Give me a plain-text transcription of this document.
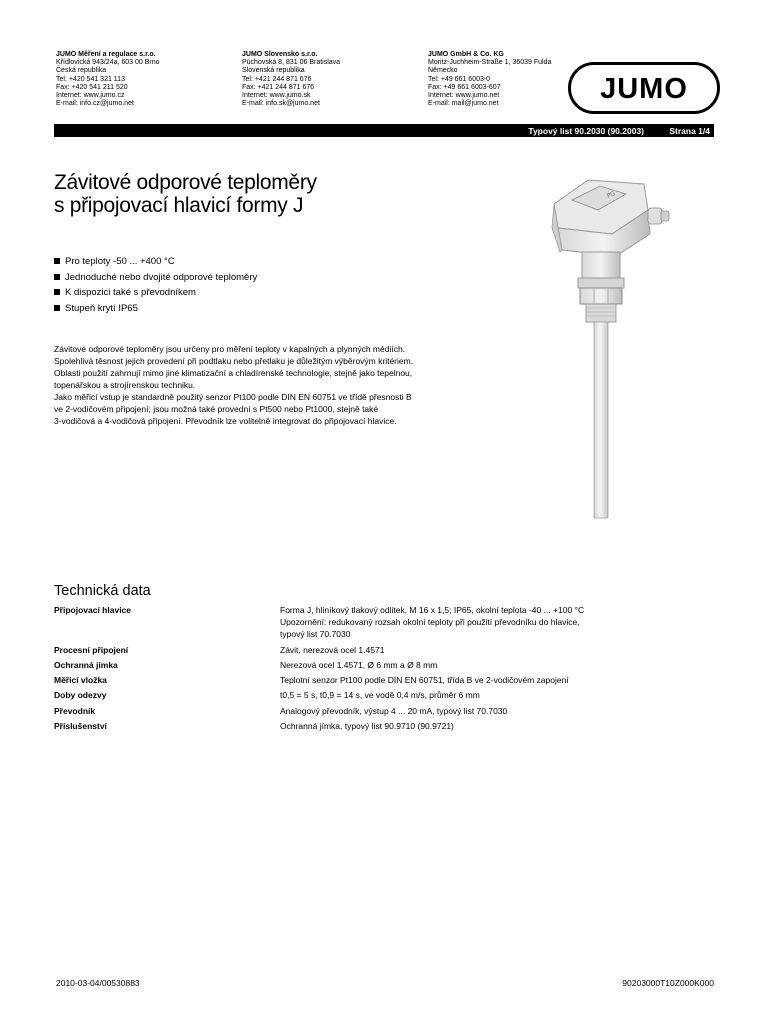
JUMO Měření a regulace s.r.o.
Křídlovická 943/24a, 603 00 Brno
Česká republika
Tel: +420 541 321 113
Fax: +420 541 211 520
Internet: www.jumo.cz
E-mail: info.cz@jumo.net
JUMO Slovensko s.r.o.
Púchovská 8, 831 06 Bratislava
Slovenská republika
Tel: +421 244 871 676
Fax: +421 244 871 676
Internet: www.jumo.sk
E-mail: info.sk@jumo.net
JUMO GmbH & Co. KG
Moritz-Juchheim-Straße 1, 36039 Fulda
Německo
Tel: +49 661 6003-0
Fax: +49 661 6003-607
Internet: www.jumo.net
E-mail: mail@jumo.net	JUMO
Typový list 90.2030 (90.2003)	Strana 1/4
Závitové odporové teploměry
s připojovací hlavicí formy J
Pro teploty -50 ... +400 °C
Jednoduché nebo dvojité odporové teploměry
K dispozici také s převodníkem
Stupeň krytí IP65
Závitové odporové teploměry jsou určeny pro měření teploty v kapalných a plynných médiích.
Spolehlivá těsnost jejich provedení při podtlaku nebo přetlaku je důležitým výběrovým kritériem.
Oblasti použití zahrnují mimo jiné klimatizační a chladírenské technologie, stejně jako tepelnou,
topenářskou a strojírenskou techniku.
Jako měřicí vstup je standardně použitý senzor Pt100 podle DIN EN 60751 ve třídě přesnosti B
ve 2-vodičovém připojení; jsou možná také provední s Pt500 nebo Pt1000, stejně také
3-vodičová a 4-vodičová připojení. Převodník lze volitelně integrovat do připojovací hlavice.
PG
Technická data
Připojovací hlavice	Forma J, hliníkový tlakový odlitek, M 16 x 1,5; IP65, okolní teplota -40 ... +100 °C
Upozornění: redukovaný rozsah okolní teploty při použití převodníku do hlavice,
typový list 70.7030
Procesní připojení	Závit, nerezová ocel 1.4571
Ochranná jímka	Nerezová ocel 1.4571, Ø 6 mm a Ø 8 mm
Měřicí vložka	Teplotní senzor Pt100 podle DIN EN 60751, třída B ve 2-vodičovém zapojení
Doby odezvy	t0,5 = 5 s, t0,9 = 14 s, ve vodě 0,4 m/s, průměr 6 mm
Převodník	Analogový převodník, výstup 4 ... 20 mA, typový list 70.7030
Příslušenství	Ochranná jímka, typový list 90.9710 (90.9721)
2010-03-04/00530883	90203000T10Z000K000
